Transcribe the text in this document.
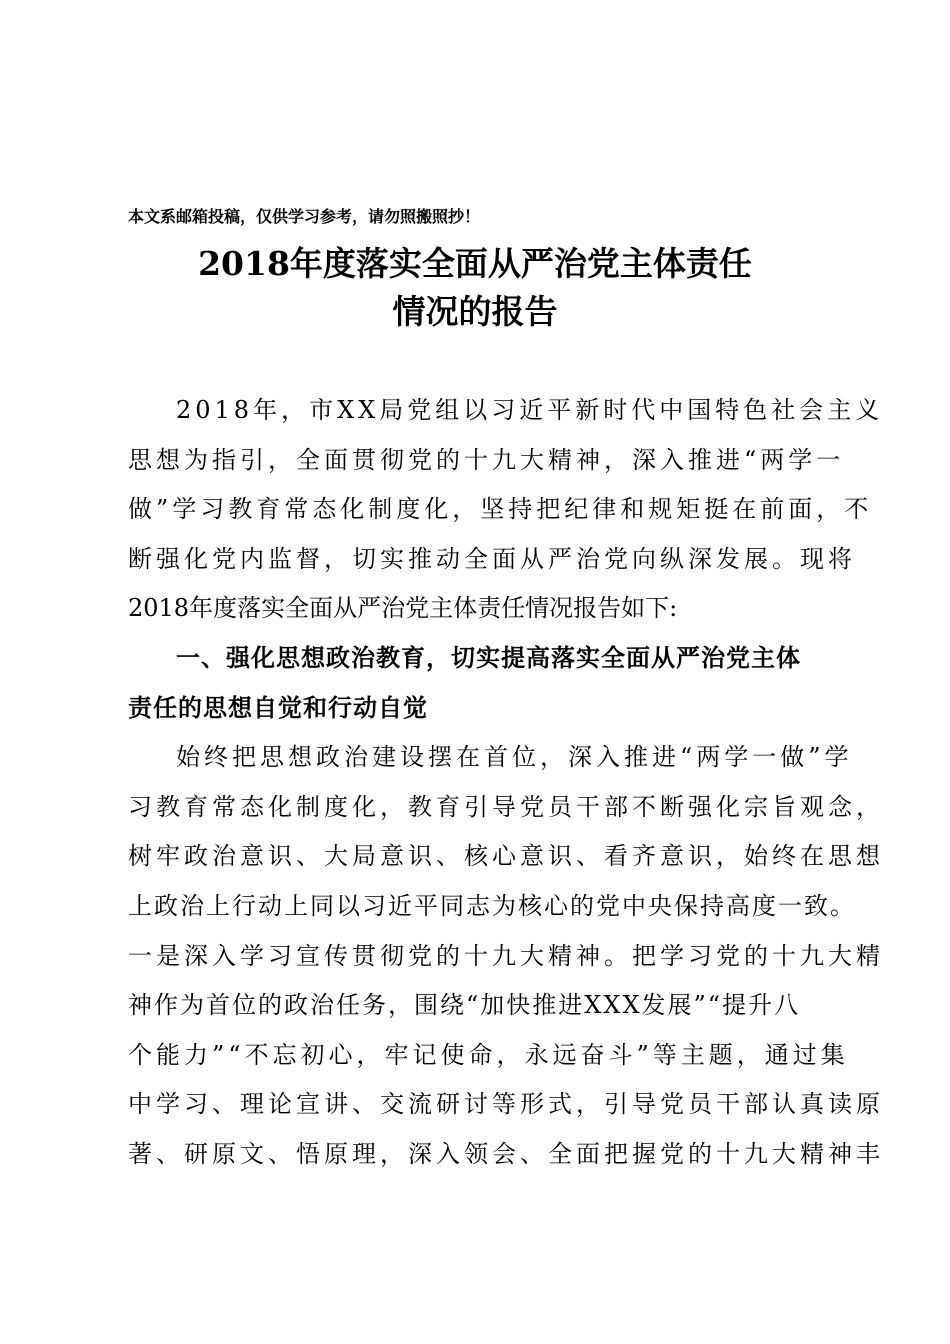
本文系邮箱投稿，仅供学习参考，请勿照搬照抄！
2018年度落实全面从严治党主体责任
情况的报告
2018年，市XX局党组以习近平新时代中国特色社会主义
思想为指引，全面贯彻党的十九大精神，深入推进“两学一
做”学习教育常态化制度化，坚持把纪律和规矩挺在前面，不
断强化党内监督，切实推动全面从严治党向纵深发展。现将
2018年度落实全面从严治党主体责任情况报告如下:
一、强化思想政治教育，切实提高落实全面从严治党主体
责任的思想自觉和行动自觉
始终把思想政治建设摆在首位，深入推进“两学一做”学
习教育常态化制度化，教育引导党员干部不断强化宗旨观念，
树牢政治意识、大局意识、核心意识、看齐意识，始终在思想
上政治上行动上同以习近平同志为核心的党中央保持高度一致。
一是深入学习宣传贯彻党的十九大精神。把学习党的十九大精
神作为首位的政治任务，围绕“加快推进XXX发展”“提升八
个能力”“不忘初心，牢记使命，永远奋斗”等主题，通过集
中学习、理论宣讲、交流研讨等形式，引导党员干部认真读原
著、研原文、悟原理，深入领会、全面把握党的十九大精神丰
